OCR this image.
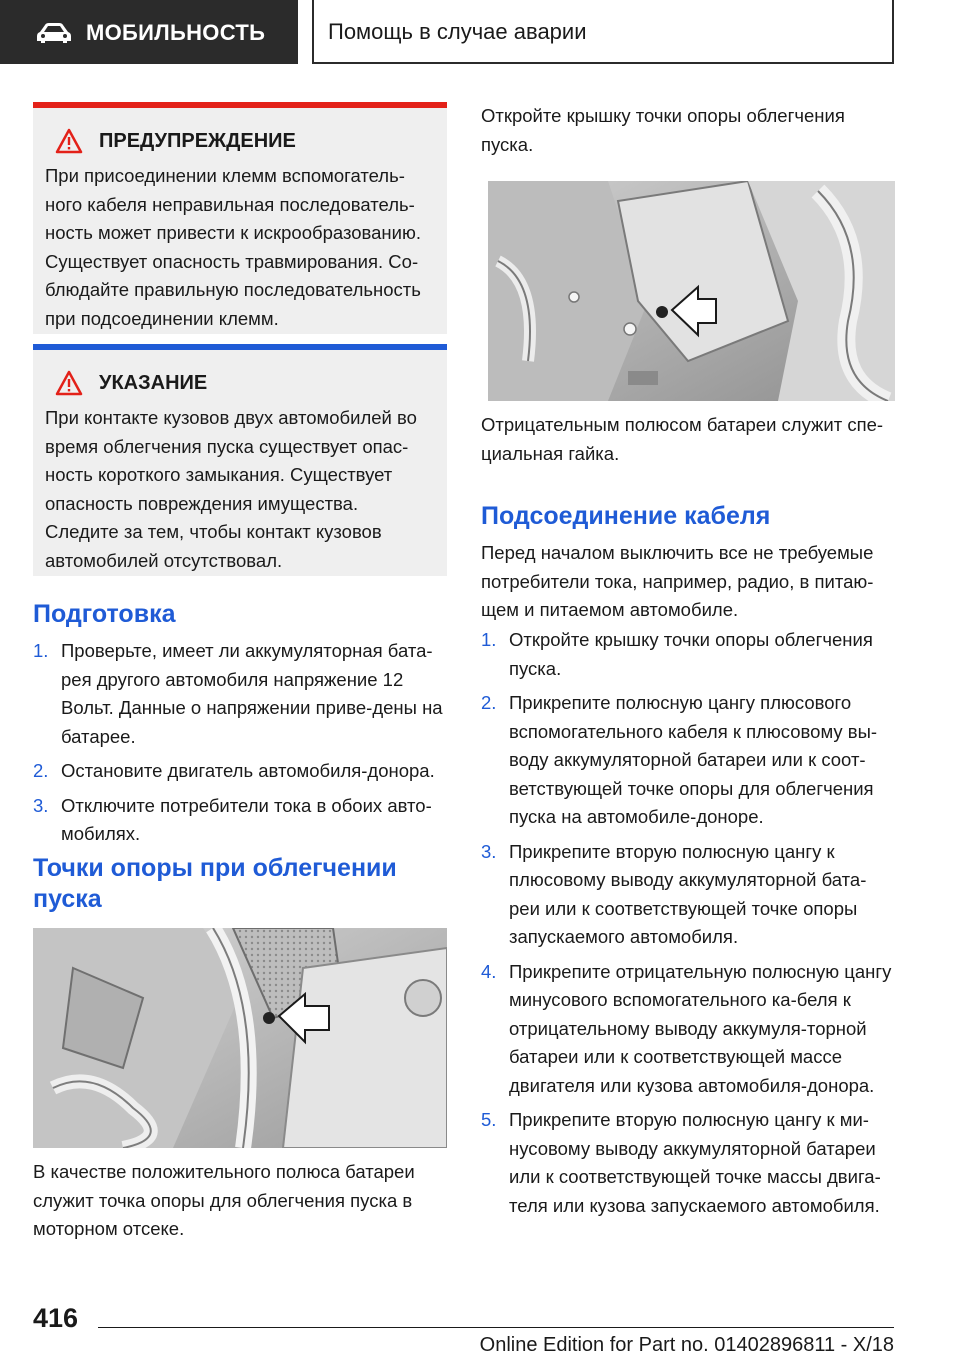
МОБИЛЬНОСТЬ	Помощь в случае аварии
ПРЕДУПРЕЖДЕНИЕ

При присоединении клемм вспомогатель-ного кабеля неправильная последователь-ность может привести к искрообразованию. Существует опасность травмирования. Со-блюдайте правильную последовательность при подсоединении клемм.

УКАЗАНИЕ

При контакте кузовов двух автомобилей во время облегчения пуска существует опас-ность короткого замыкания. Существует опасность повреждения имущества. Следите за тем, чтобы контакт кузовов автомобилей отсутствовал.

Подготовка
1. Проверьте, имеет ли аккумуляторная бата-рея другого автомобиля напряжение 12 Вольт. Данные о напряжении приве-дены на батарее.
2. Остановите двигатель автомобиля-донора.
3. Отключите потребители тока в обоих авто-мобилях.
Точки опоры при облегчении пуска

В качестве положительного полюса батареи служит точка опоры для облегчения пуска в моторном отсеке.

Откройте крышку точки опоры облегчения пуска.

Отрицательным полюсом батареи служит спе-циальная гайка.

Подсоединение кабеля

Перед началом выключить все не требуемые потребители тока, например, радио, в питаю-щем и питаемом автомобиле.

1. Откройте крышку точки опоры облегчения пуска.
2. Прикрепите полюсную цангу плюсового вспомогательного кабеля к плюсовому вы-воду аккумуляторной батареи или к соот-ветствующей точке опоры для облегчения пуска на автомобиле-доноре.
3. Прикрепите вторую полюсную цангу к плюсовому выводу аккумуляторной бата-реи или к соответствующей точке опоры запускаемого автомобиля.
4. Прикрепите отрицательную полюсную цангу минусового вспомогательного ка-беля к отрицательному выводу аккумуля-торной батареи или к соответствующей массе двигателя или кузова автомобиля-донора.
5. Прикрепите вторую полюсную цангу к ми-нусовому выводу аккумуляторной батареи или к соответствующей точке массы двига-теля или кузова запускаемого автомобиля.
416
Online Edition for Part no. 01402896811 - X/18
